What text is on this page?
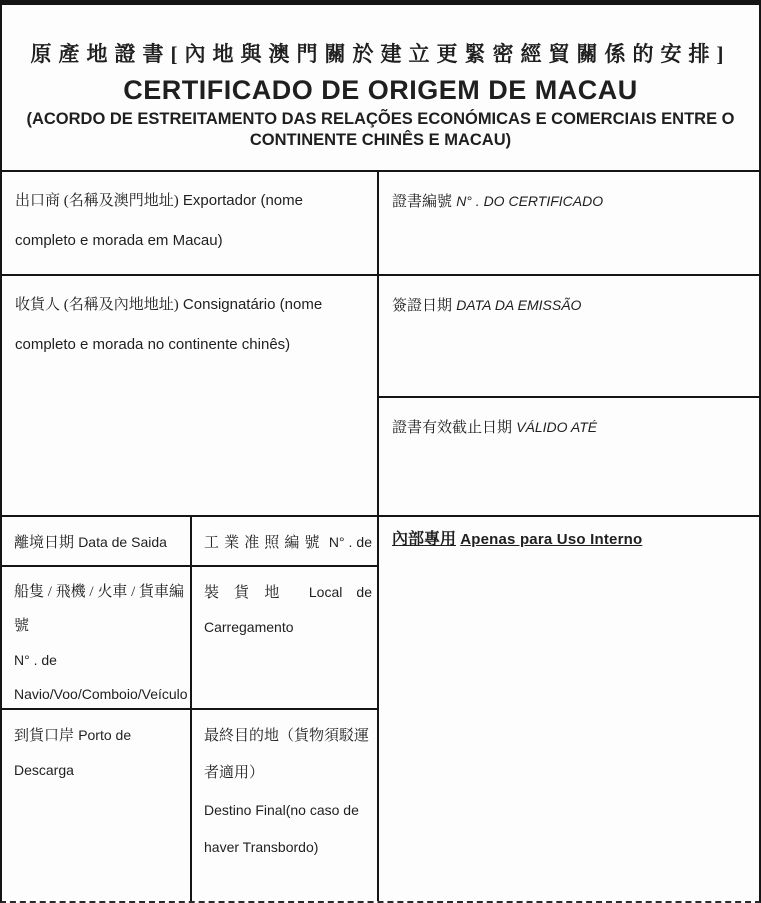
原產地證書[內地與澳門關於建立更緊密經貿關係的安排]
CERTIFICADO DE ORIGEM DE MACAU
(ACORDO DE ESTREITAMENTO DAS RELAÇÕES ECONÓMICAS E COMERCIAIS ENTRE O CONTINENTE CHINÊS E MACAU)
出口商 (名稱及澳門地址) Exportador (nome completo e morada em Macau)
收貨人 (名稱及內地地址) Consignatário (nome completo e morada no continente chinês)
離境日期 Data de Saida	工業准照編號 N° . de
船隻 / 飛機 / 火車 / 貨車編號
N° . de
Navio/Voo/Comboio/Veículo
裝貨地 Local de
Carregamento
到貨口岸 Porto de Descarga
最終目的地（貨物須駁運者適用）
Destino Final(no caso de haver Transbordo)
證書編號 N° . DO CERTIFICADO
簽證日期 DATA DA EMISSÃO
證書有效截止日期 VÁLIDO ATÉ
內部專用 Apenas para Uso Interno
